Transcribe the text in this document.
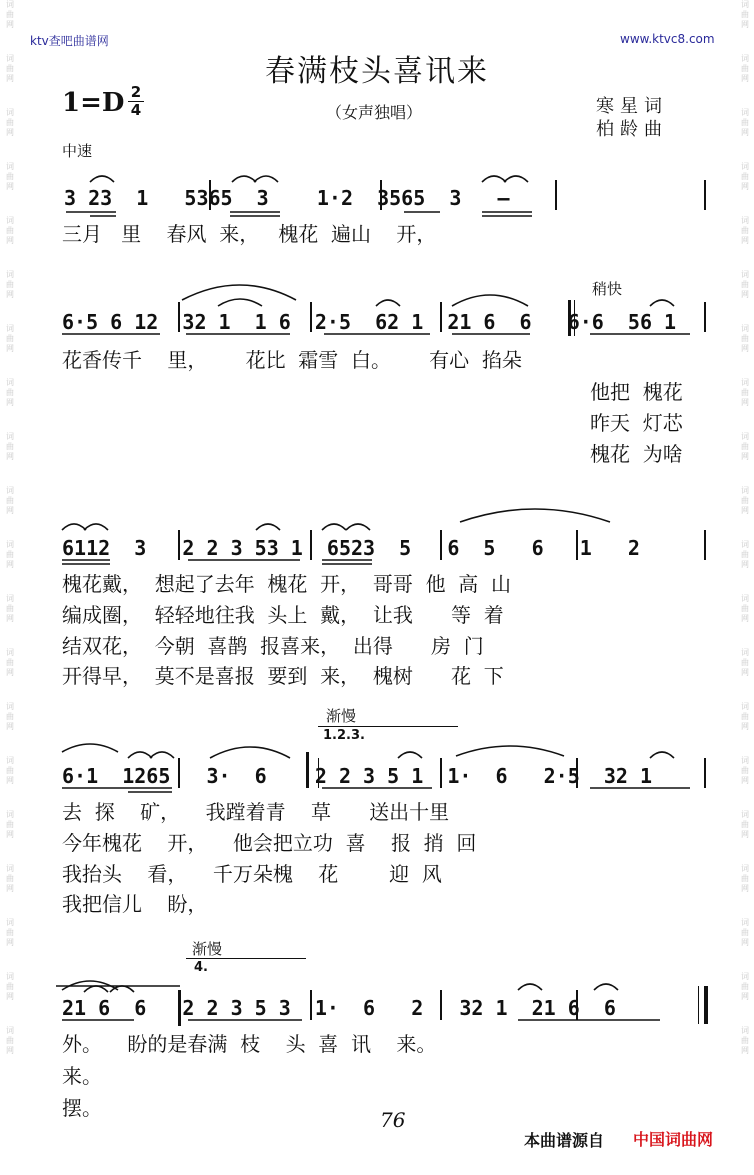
词曲网
词曲网
词曲网
词曲网
词曲网
词曲网
词曲网
词曲网
词曲网
词曲网
词曲网
词曲网
词曲网
词曲网
词曲网
词曲网
词曲网
词曲网
词曲网
词曲网
词曲网
词曲网
词曲网
词曲网
词曲网
词曲网
词曲网
词曲网
词曲网
词曲网
词曲网
词曲网
词曲网
词曲网
词曲网
词曲网
词曲网
词曲网
词曲网
词曲网
ktv查吧曲谱网	www.ktvc8.com
春满枝头喜讯来
1=D 2
4	（女声独唱）	寒星词
柏龄曲
中速
3 23  1   5365  3    1·2  3565  3   —
三月   里    春风  来，   槐花  遍山    开，
稍快
6·5 6 12  32 1  1 6  2·5  62 1  21 6  6   6·6  56 1
花香传千    里，      花比  霜雪  白。      有心  掐朵
他把  槐花
昨天  灯芯
槐花  为啥
6112  3   2 2 3 53 1  6523  5   6  5   6   1   2
槐花戴，  想起了去年  槐花  开，  哥哥  他  高  山
编成圈，  轻轻地往我  头上  戴，  让我      等  着
结双花，  今朝  喜鹊  报喜来，  出得      房  门
开得早，  莫不是喜报  要到  来，  槐树      花  下
渐慢
1.2.3.
6·1  1265   3·  6    2 2 3 5 1  1·  6   2·5  32 1
去  探    矿，    我蹚着青    草      送出十里
今年槐花    开，    他会把立功  喜    报  捎  回
我抬头    看，    千万朵槐    花        迎  风
我把信儿    盼，
渐慢
4.
21 6  6   2 2 3 5 3  1·  6   2   32 1  21 6  6
外。    盼的是春满  枝    头  喜  讯    来。
来。
摆。	76
本曲谱源自 中国词曲网
